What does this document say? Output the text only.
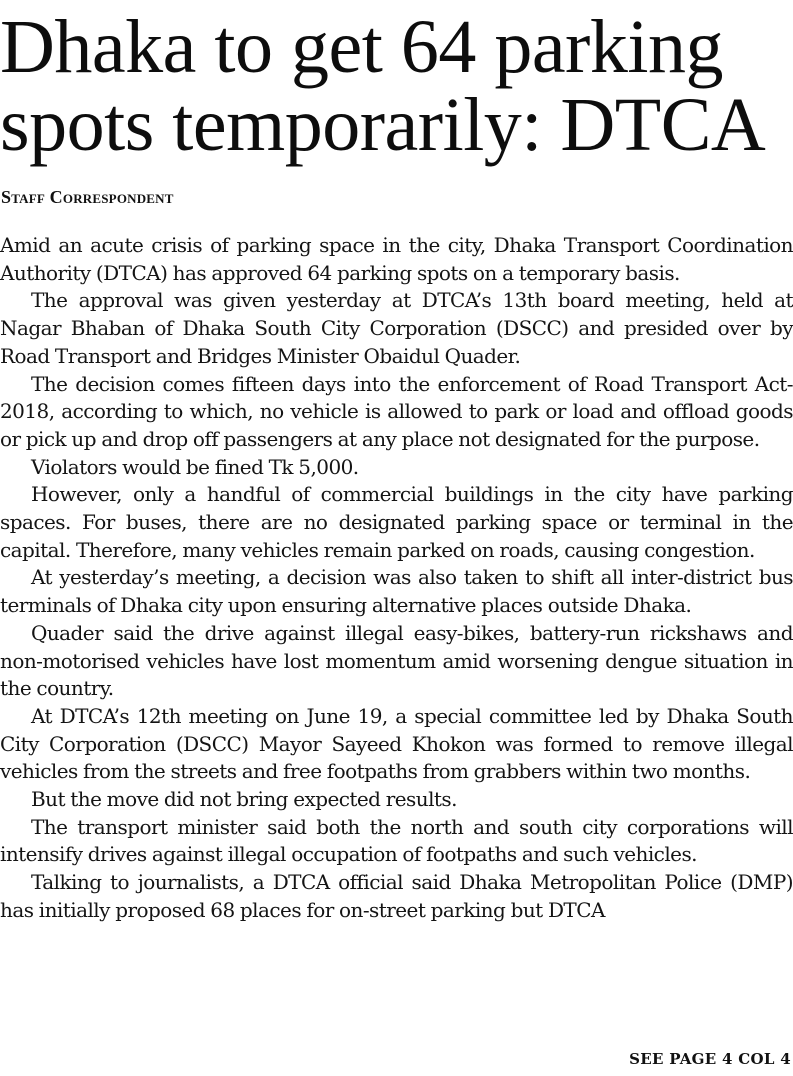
Dhaka to get 64 parking spots temporarily: DTCA
Staff Correspondent

Amid an acute crisis of parking space in the city, Dhaka Transport Coordination Authority (DTCA) has approved 64 parking spots on a temporary basis.

The approval was given yesterday at DTCA’s 13th board meeting, held at Nagar Bhaban of Dhaka South City Corporation (DSCC) and presided over by Road Transport and Bridges Minister Obaidul Quader.

The decision comes fifteen days into the enforcement of Road Transport Act-2018, according to which, no vehicle is allowed to park or load and offload goods or pick up and drop off passengers at any place not designated for the purpose.

Violators would be fined Tk 5,000.

However, only a handful of commercial buildings in the city have parking spaces. For buses, there are no designated parking space or terminal in the capital. Therefore, many vehicles remain parked on roads, causing congestion.

At yesterday’s meeting, a decision was also taken to shift all inter-district bus terminals of Dhaka city upon ensuring alternative places outside Dhaka.

Quader said the drive against illegal easy-bikes, battery-run rickshaws and non-motorised vehicles have lost momentum amid worsening dengue situation in the country.

At DTCA’s 12th meeting on June 19, a special committee led by Dhaka South City Corporation (DSCC) Mayor Sayeed Khokon was formed to remove illegal vehicles from the streets and free footpaths from grabbers within two months.

But the move did not bring expected results.

The transport minister said both the north and south city corporations will intensify drives against illegal occupation of footpaths and such vehicles.

Talking to journalists, a DTCA official said Dhaka Metropolitan Police (DMP) has initially proposed 68 places for on-street parking but DTCA

SEE PAGE 4 COL 4
